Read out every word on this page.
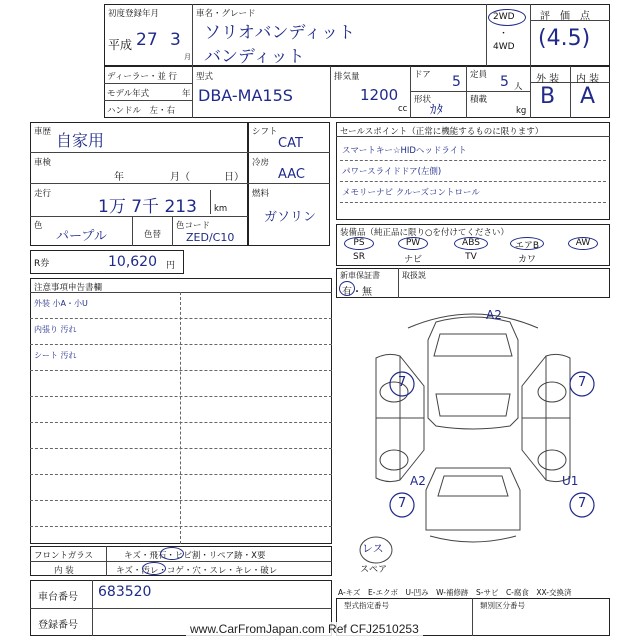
初度登録年月
平成 27 3
月
車名・グレード
ソリオバンディット
バンディット
2WD
・
4WD
評　価　点
(4.5)
ディーラー・並 行
モデル年式	年
ハンドル　左・右
型式
DBA-MA15S
排気量
1200
cc
ドア 5 定員 5 人
形状
ｶﾀ
積載
kg
外 装 内 装
B A
車歴 自家用
車検
年	月（	日）
走行
1万 7千 213 km
色
パープル	色替
色コード
ZED/C10
シフト
CAT
冷房
AAC
燃料
ガソリン
R券	10,620 円
セールスポイント（正常に機能するものに限ります）
スマートキー☆HIDヘッドライト
パワースライドドア(左側)
メモリーナビ クルーズコントロール
装備品（純正品に限り○を付けてください）
PS	PW	ABS	エアB	AW
SR	ナビ	TV	カワ
新車保証書
有・無
取扱説
注意事項申告書欄
外装 小A・小U
内張り 汚れ
シート 汚れ
A2
7	7
A2	U1
7	7
レス
スペア
フロントガラス	キズ・飛石・ヒビ割・リペア跡・X要
内 装	キズ・汚レ・コゲ・穴・スレ・キレ・破レ
A-キズ　E-エクボ　U-凹み　W-補修跡　S-サビ　C-腐食　XX-交換済
車台番号 683520
登録番号
型式指定番号	類別区分番号
www.CarFromJapan.com Ref CFJ2510253
